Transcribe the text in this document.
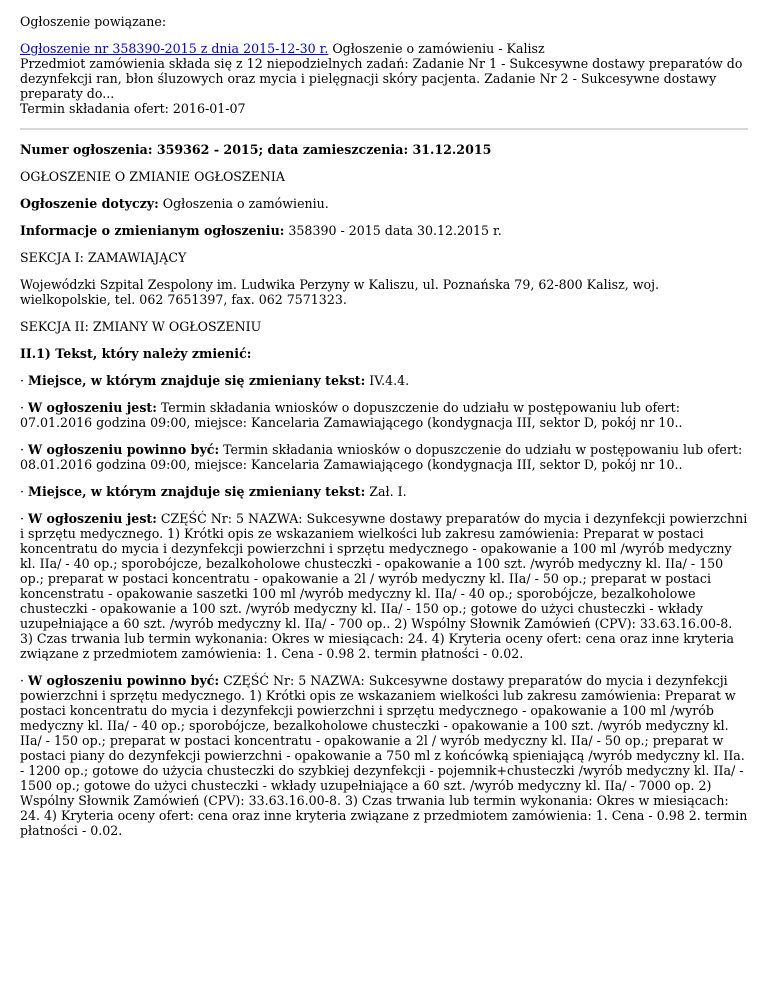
Ogłoszenie powiązane:

Ogłoszenie nr 358390-2015 z dnia 2015-12-30 r. Ogłoszenie o zamówieniu - Kalisz

Przedmiot zamówienia składa się z 12 niepodzielnych zadań: Zadanie Nr 1 - Sukcesywne dostawy preparatów do dezynfekcji ran, błon śluzowych oraz mycia i pielęgnacji skóry pacjenta. Zadanie Nr 2 - Sukcesywne dostawy preparaty do...

Termin składania ofert: 2016-01-07

Numer ogłoszenia: 359362 - 2015; data zamieszczenia: 31.12.2015

OGŁOSZENIE O ZMIANIE OGŁOSZENIA

Ogłoszenie dotyczy: Ogłoszenia o zamówieniu.

Informacje o zmienianym ogłoszeniu: 358390 - 2015 data 30.12.2015 r.

SEKCJA I: ZAMAWIAJĄCY

Wojewódzki Szpital Zespolony im. Ludwika Perzyny w Kaliszu, ul. Poznańska 79, 62-800 Kalisz, woj. wielkopolskie, tel. 062 7651397, fax. 062 7571323.

SEKCJA II: ZMIANY W OGŁOSZENIU

II.1) Tekst, który należy zmienić:

· Miejsce, w którym znajduje się zmieniany tekst: IV.4.4.

· W ogłoszeniu jest: Termin składania wniosków o dopuszczenie do udziału w postępowaniu lub ofert: 07.01.2016 godzina 09:00, miejsce: Kancelaria Zamawiającego (kondygnacja III, sektor D, pokój nr 10..

· W ogłoszeniu powinno być: Termin składania wniosków o dopuszczenie do udziału w postępowaniu lub ofert: 08.01.2016 godzina 09:00, miejsce: Kancelaria Zamawiającego (kondygnacja III, sektor D, pokój nr 10..

· Miejsce, w którym znajduje się zmieniany tekst: Zał. I.

· W ogłoszeniu jest: CZĘŚĆ Nr: 5 NAZWA: Sukcesywne dostawy preparatów do mycia i dezynfekcji powierzchni i sprzętu medycznego. 1) Krótki opis ze wskazaniem wielkości lub zakresu zamówienia: Preparat w postaci koncentratu do mycia i dezynfekcji powierzchni i sprzętu medycznego - opakowanie a 100 ml /wyrób medyczny kl. IIa/ - 40 op.; sporobójcze, bezalkoholowe chusteczki - opakowanie a 100 szt. /wyrób medyczny kl. IIa/ - 150 op.; preparat w postaci koncentratu - opakowanie a 2l / wyrób medyczny kl. IIa/ - 50 op.; preparat w postaci koncenstratu - opakowanie saszetki 100 ml /wyrób medyczny kl. IIa/ - 40 op.; sporobójcze, bezalkoholowe chusteczki - opakowanie a 100 szt. /wyrób medyczny kl. IIa/ - 150 op.; gotowe do użyci chusteczki - wkłady uzupełniające a 60 szt. /wyrób medyczny kl. IIa/ - 700 op.. 2) Wspólny Słownik Zamówień (CPV): 33.63.16.00-8. 3) Czas trwania lub termin wykonania: Okres w miesiącach: 24. 4) Kryteria oceny ofert: cena oraz inne kryteria związane z przedmiotem zamówienia: 1. Cena - 0.98 2. termin płatności - 0.02.

· W ogłoszeniu powinno być: CZĘŚĆ Nr: 5 NAZWA: Sukcesywne dostawy preparatów do mycia i dezynfekcji powierzchni i sprzętu medycznego. 1) Krótki opis ze wskazaniem wielkości lub zakresu zamówienia: Preparat w postaci koncentratu do mycia i dezynfekcji powierzchni i sprzętu medycznego - opakowanie a 100 ml /wyrób medyczny kl. IIa/ - 40 op.; sporobójcze, bezalkoholowe chusteczki - opakowanie a 100 szt. /wyrób medyczny kl. IIa/ - 150 op.; preparat w postaci koncentratu - opakowanie a 2l / wyrób medyczny kl. IIa/ - 50 op.; preparat w postaci piany do dezynfekcji powierzchni - opakowanie a 750 ml z końcówką spieniającą /wyrób medyczny kl. IIa. - 1200 op.; gotowe do użycia chusteczki do szybkiej dezynfekcji - pojemnik+chusteczki /wyrób medyczny kl. IIa/ - 1500 op.; gotowe do użyci chusteczki - wkłady uzupełniające a 60 szt. /wyrób medyczny kl. IIa/ - 7000 op. 2) Wspólny Słownik Zamówień (CPV): 33.63.16.00-8. 3) Czas trwania lub termin wykonania: Okres w miesiącach: 24. 4) Kryteria oceny ofert: cena oraz inne kryteria związane z przedmiotem zamówienia: 1. Cena - 0.98 2. termin płatności - 0.02.
